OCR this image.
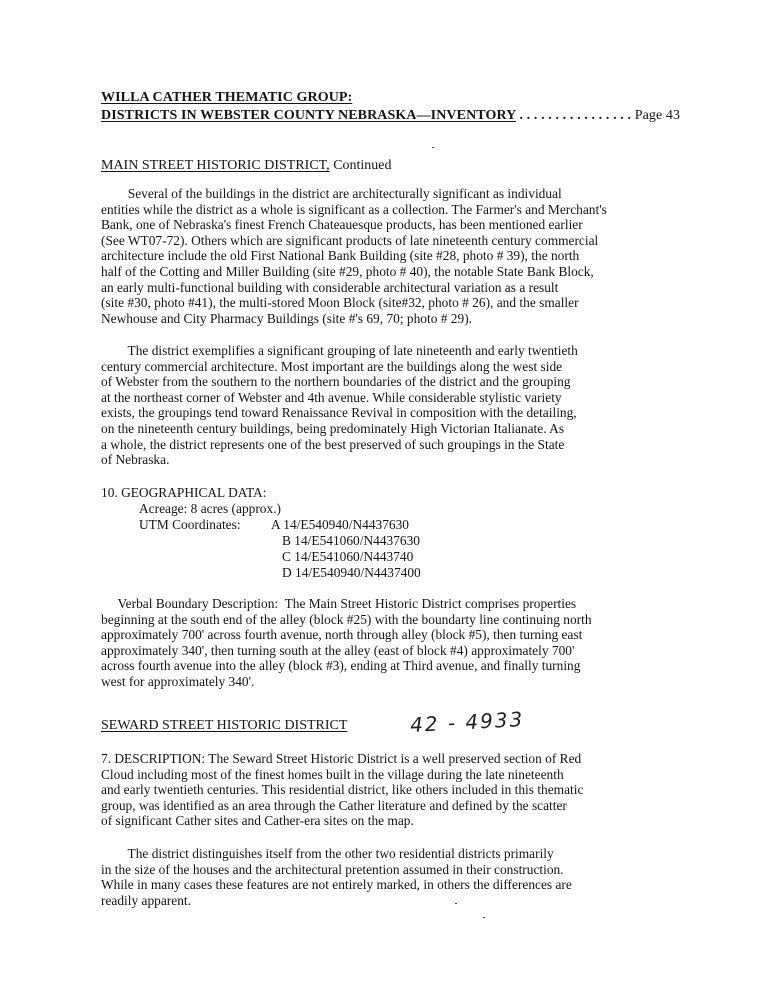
WILLA CATHER THEMATIC GROUP:
DISTRICTS IN WEBSTER COUNTY NEBRASKA—INVENTORY . . . . . . . . . . . . . . . . Page 43
MAIN STREET HISTORIC DISTRICT, Continued
Several of the buildings in the district are architecturally significant as individual
entities while the district as a whole is significant as a collection. The Farmer's and Merchant's
Bank, one of Nebraska's finest French Chateauesque products, has been mentioned earlier
(See WT07-72). Others which are significant products of late nineteenth century commercial
architecture include the old First National Bank Building (site #28, photo # 39), the north
half of the Cotting and Miller Building (site #29, photo # 40), the notable State Bank Block,
an early multi-functional building with considerable architectural variation as a result
(site #30, photo #41), the multi-stored Moon Block (site#32, photo # 26), and the smaller
Newhouse and City Pharmacy Buildings (site #'s 69, 70; photo # 29).
The district exemplifies a significant grouping of late nineteenth and early twentieth
century commercial architecture. Most important are the buildings along the west side
of Webster from the southern to the northern boundaries of the district and the grouping
at the northeast corner of Webster and 4th avenue. While considerable stylistic variety
exists, the groupings tend toward Renaissance Revival in composition with the detailing,
on the nineteenth century buildings, being predominately High Victorian Italianate. As
a whole, the district represents one of the best preserved of such groupings in the State
of Nebraska.
10. GEOGRAPHICAL DATA:
Acreage: 8 acres (approx.)
UTM Coordinates: A 14/E540940/N4437630
B 14/E541060/N4437630
C 14/E541060/N443740
D 14/E540940/N4437400
Verbal Boundary Description:  The Main Street Historic District comprises properties
beginning at the south end of the alley (block #25) with the boundarty line continuing north
approximately 700' across fourth avenue, north through alley (block #5), then turning east
approximately 340', then turning south at the alley (east of block #4) approximately 700'
across fourth avenue into the alley (block #3), ending at Third avenue, and finally turning
west for approximately 340'.
SEWARD STREET HISTORIC DISTRICT	42 - 4933
7. DESCRIPTION: The Seward Street Historic District is a well preserved section of Red
Cloud including most of the finest homes built in the village during the late nineteenth
and early twentieth centuries. This residential district, like others included in this thematic
group, was identified as an area through the Cather literature and defined by the scatter
of significant Cather sites and Cather-era sites on the map.
The district distinguishes itself from the other two residential districts primarily
in the size of the houses and the architectural pretention assumed in their construction.
While in many cases these features are not entirely marked, in others the differences are
readily apparent.
